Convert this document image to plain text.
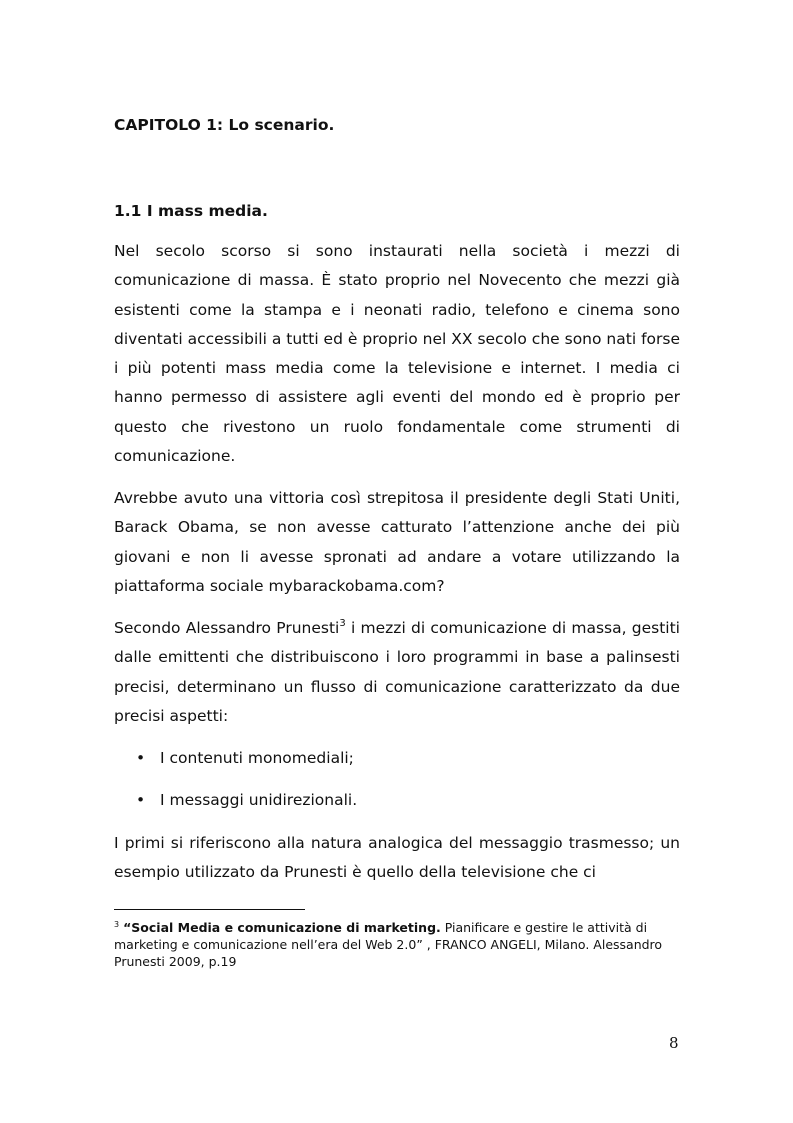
CAPITOLO 1: Lo scenario.
1.1 I mass media.

Nel secolo scorso si sono instaurati nella società i mezzi di comunicazione di massa. È stato proprio nel Novecento che mezzi già esistenti come la stampa e i neonati radio, telefono e cinema sono diventati accessibili a tutti ed è proprio nel XX secolo che sono nati forse i più potenti mass media come la televisione e internet. I media ci hanno permesso di assistere agli eventi del mondo ed è proprio per questo che rivestono un ruolo fondamentale come strumenti di comunicazione.

Avrebbe avuto una vittoria così strepitosa il presidente degli Stati Uniti, Barack Obama, se non avesse catturato l’attenzione anche dei più giovani e non li avesse spronati ad andare a votare utilizzando la piattaforma sociale mybarackobama.com?

Secondo Alessandro Prunesti$^3$ i mezzi di comunicazione di massa, gestiti dalle emittenti che distribuiscono i loro programmi in base a palinsesti precisi, determinano un flusso di comunicazione caratterizzato da due precisi aspetti:

• I contenuti monomediali;
• I messaggi unidirezionali.

I primi si riferiscono alla natura analogica del messaggio trasmesso; un esempio utilizzato da Prunesti è quello della televisione che ci

$^3$ “Social Media e comunicazione di marketing. Pianificare e gestire le attività di marketing e comunicazione nell’era del Web 2.0” , FRANCO ANGELI, Milano. Alessandro Prunesti 2009, p.19

8
